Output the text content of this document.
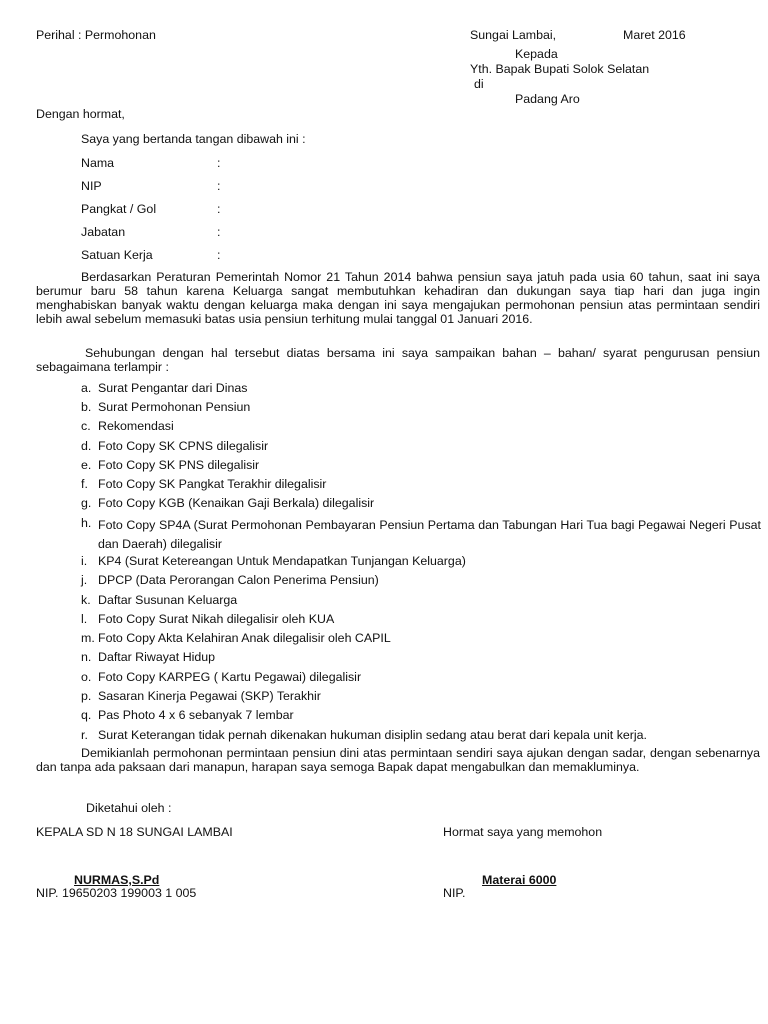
Perihal : Permohonan	Sungai Lambai,	Maret 2016
Kepada
Yth. Bapak Bupati Solok Selatan
di
Padang Aro
Dengan hormat,
Saya yang bertanda tangan dibawah ini :
Nama	:
NIP	:
Pangkat / Gol	:
Jabatan	:
Satuan Kerja	:
Berdasarkan Peraturan Pemerintah Nomor 21 Tahun 2014 bahwa pensiun saya jatuh pada usia 60 tahun, saat ini saya berumur baru 58 tahun karena Keluarga sangat membutuhkan kehadiran dan dukungan saya tiap hari dan juga ingin menghabiskan banyak waktu dengan keluarga maka dengan ini saya mengajukan permohonan pensiun atas permintaan sendiri lebih awal sebelum memasuki batas usia pensiun terhitung mulai tanggal 01 Januari 2016.
Sehubungan dengan hal tersebut diatas bersama ini saya sampaikan bahan – bahan/ syarat pengurusan pensiun sebagaimana terlampir :
a. Surat Pengantar dari Dinas
b. Surat Permohonan Pensiun
c. Rekomendasi
d. Foto Copy SK CPNS dilegalisir
e. Foto Copy SK PNS dilegalisir
f. Foto Copy SK Pangkat Terakhir dilegalisir
g. Foto Copy KGB (Kenaikan Gaji Berkala) dilegalisir
h. Foto Copy SP4A (Surat Permohonan Pembayaran Pensiun Pertama dan Tabungan Hari Tua bagi Pegawai Negeri Pusat dan Daerah) dilegalisir
i. KP4 (Surat Ketereangan Untuk Mendapatkan Tunjangan Keluarga)
j. DPCP (Data Perorangan Calon Penerima Pensiun)
k. Daftar Susunan Keluarga
l. Foto Copy Surat Nikah dilegalisir oleh KUA
m. Foto Copy Akta Kelahiran Anak dilegalisir oleh CAPIL
n. Daftar Riwayat Hidup
o. Foto Copy KARPEG ( Kartu Pegawai) dilegalisir
p. Sasaran Kinerja Pegawai (SKP) Terakhir
q. Pas Photo 4 x 6 sebanyak 7 lembar
r. Surat Keterangan tidak pernah dikenakan hukuman disiplin sedang atau berat dari kepala unit kerja.
Demikianlah permohonan permintaan pensiun dini atas permintaan sendiri saya ajukan dengan sadar, dengan sebenarnya dan tanpa ada paksaan dari manapun, harapan saya semoga Bapak dapat mengabulkan dan memakluminya.
Diketahui oleh :
KEPALA SD N 18 SUNGAI LAMBAI	Hormat saya yang memohon
NURMAS,S.Pd	Materai 6000
NIP. 19650203 199003 1 005	NIP.
